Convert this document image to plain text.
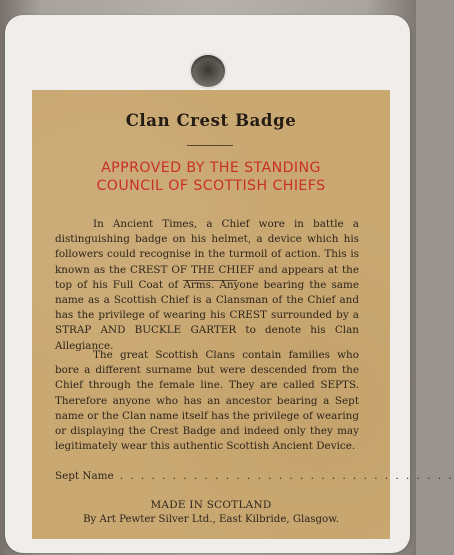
Clan Crest Badge
APPROVED BY THE STANDING
COUNCIL OF SCOTTISH CHIEFS
In Ancient Times, a Chief wore in battle a distinguishing badge on his helmet, a device which his followers could recognise in the turmoil of action. This is known as the CREST OF THE CHIEF and appears at the top of his Full Coat of Arms. Anyone bearing the same name as a Scottish Chief is a Clansman of the Chief and has the privilege of wearing his CREST surrounded by a STRAP AND BUCKLE GARTER to denote his Clan Allegiance.
The great Scottish Clans contain families who bore a different surname but were descended from the Chief through the female line. They are called SEPTS. Therefore anyone who has an ancestor bearing a Sept name or the Clan name itself has the privilege of wearing or displaying the Crest Badge and indeed only they may legitimately wear this authentic Scottish Ancient Device.
Sept Name . . . . . . . . . . . . . . . . . . . . . . . . . . . . . . . .
MADE IN SCOTLAND
By Art Pewter Silver Ltd., East Kilbride, Glasgow.
